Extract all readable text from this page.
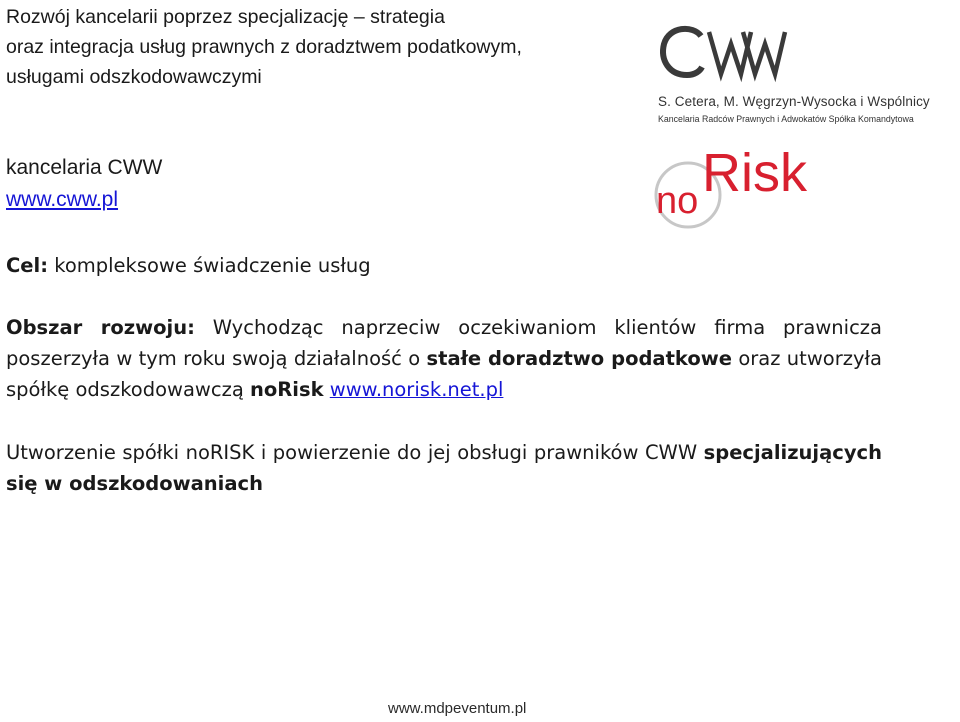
Rozwój kancelarii poprzez specjalizację – strategia
oraz integracja usług prawnych z doradztwem podatkowym,
usługami odszkodowawczymi
S. Cetera, M. Węgrzyn-Wysocka i Wspólnicy
Kancelaria Radców Prawnych i Adwokatów Spółka Komandytowa
no Risk
kancelaria CWW
www.cww.pl
Cel: kompleksowe świadczenie usług
Obszar rozwoju: Wychodząc naprzeciw oczekiwaniom klientów firma prawnicza poszerzyła w tym roku swoją działalność o stałe doradztwo podatkowe oraz utworzyła spółkę odszkodowawczą noRisk www.norisk.net.pl
Utworzenie spółki noRISK i powierzenie do jej obsługi prawników CWW specjalizujących się w odszkodowaniach
www.mdpeventum.pl
